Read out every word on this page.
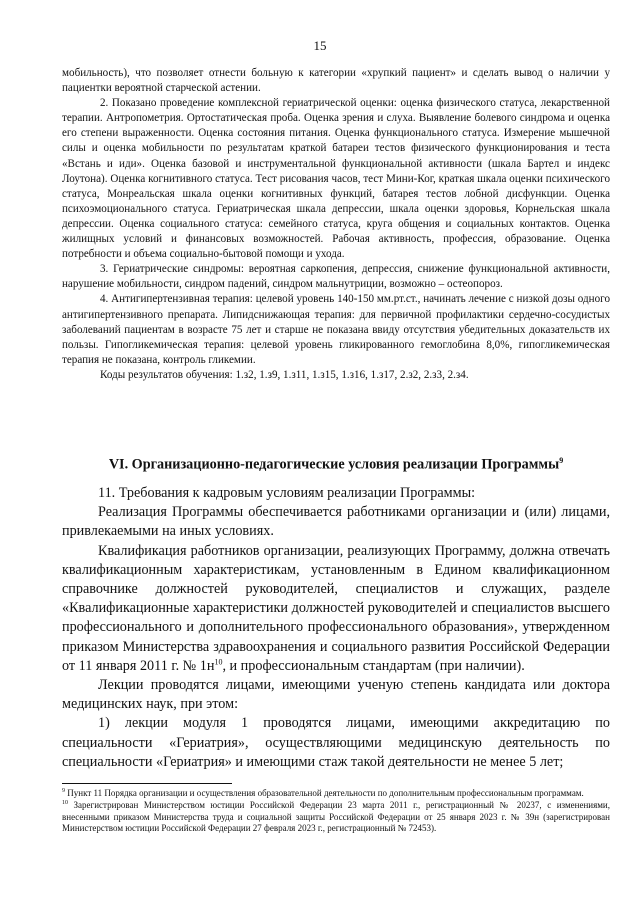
15

мобильность), что позволяет отнести больную к категории «хрупкий пациент» и сделать вывод о наличии у пациентки вероятной старческой астении.

2. Показано проведение комплексной гериатрической оценки: оценка физического статуса, лекарственной терапии. Антропометрия. Ортостатическая проба. Оценка зрения и слуха. Выявление болевого синдрома и оценка его степени выраженности. Оценка состояния питания. Оценка функционального статуса. Измерение мышечной силы и оценка мобильности по результатам краткой батареи тестов физического функционирования и теста «Встань и иди». Оценка базовой и инструментальной функциональной активности (шкала Бартел и индекс Лоутона). Оценка когнитивного статуса. Тест рисования часов, тест Мини-Ког, краткая шкала оценки психического статуса, Монреальская шкала оценки когнитивных функций, батарея тестов лобной дисфункции. Оценка психоэмоционального статуса. Гериатрическая шкала депрессии, шкала оценки здоровья, Корнельская шкала депрессии. Оценка социального статуса: семейного статуса, круга общения и социальных контактов. Оценка жилищных условий и финансовых возможностей. Рабочая активность, профессия, образование. Оценка потребности и объема социально-бытовой помощи и ухода.

3. Гериатрические синдромы: вероятная саркопения, депрессия, снижение функциональной активности, нарушение мобильности, синдром падений, синдром мальнутриции, возможно – остеопороз.

4. Антигипертензивная терапия: целевой уровень 140-150 мм.рт.ст., начинать лечение с низкой дозы одного антигипертензивного препарата. Липидснижающая терапия: для первичной профилактики сердечно-сосудистых заболеваний пациентам в возрасте 75 лет и старше не показана ввиду отсутствия убедительных доказательств их пользы. Гипогликемическая терапия: целевой уровень гликированного гемоглобина 8,0%, гипогликемическая терапия не показана, контроль гликемии.

Коды результатов обучения: 1.з2, 1.з9, 1.з11, 1.з15, 1.з16, 1.з17, 2.з2, 2.з3, 2.з4.

VI. Организационно-педагогические условия реализации Программы$^9$

11. Требования к кадровым условиям реализации Программы:

Реализация Программы обеспечивается работниками организации и (или) лицами, привлекаемыми на иных условиях.

Квалификация работников организации, реализующих Программу, должна отвечать квалификационным характеристикам, установленным в Едином квалификационном справочнике должностей руководителей, специалистов и служащих, разделе «Квалификационные характеристики должностей руководителей и специалистов высшего профессионального и дополнительного профессионального образования», утвержденном приказом Министерства здравоохранения и социального развития Российской Федерации от 11 января 2011 г. № $1н^{10}$, и профессиональным стандартам (при наличии).

Лекции проводятся лицами, имеющими ученую степень кандидата или доктора медицинских наук, при этом:

1) лекции модуля 1 проводятся лицами, имеющими аккредитацию по специальности «Гериатрия», осуществляющими медицинскую деятельность по специальности «Гериатрия» и имеющими стаж такой деятельности не менее 5 лет;

$^9$ Пункт 11 Порядка организации и осуществления образовательной деятельности по дополнительным профессиональным программам.

$^{10}$ Зарегистрирован Министерством юстиции Российской Федерации 23 марта 2011 г., регистрационный № 20237, с изменениями, внесенными приказом Министерства труда и социальной защиты Российской Федерации от 25 января 2023 г. № 39н (зарегистрирован Министерством юстиции Российской Федерации 27 февраля 2023 г., регистрационный № 72453).
